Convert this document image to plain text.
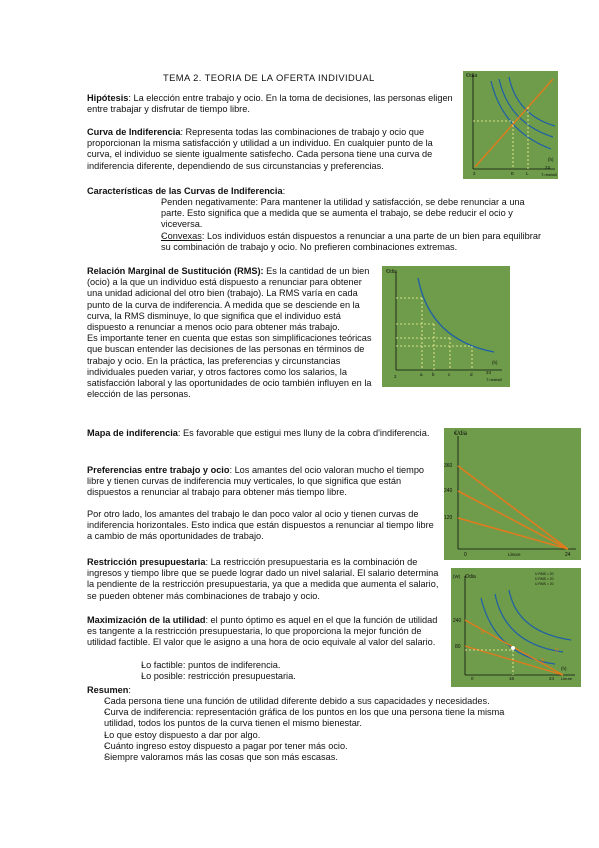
TEMA 2. TEORIA DE LA OFERTA INDIVIDUAL

Hipótesis: La elección entre trabajo y ocio. En la toma de decisiones, las personas eligen entre trabajar y disfrutar de tiempo libre.

Curva de Indiferencia: Representa todas las combinaciones de trabajo y ocio que proporcionan la misma satisfacción y utilidad a un individuo. En cualquier punto de la curva, el individuo se siente igualmente satisfecho. Cada persona tiene una curva de indiferencia diferente, dependiendo de sus circunstancias y preferencias.

Características de las Curvas de Indiferencia:

- Penden negativamente: Para mantener la utilidad y satisfacción, se debe renunciar a una parte. Esto significa que a medida que se aumenta el trabajo, se debe reducir el ocio y viceversa.
- Convexas: Los individuos están dispuestos a renunciar a una parte de un bien para equilibrar su combinación de trabajo y ocio. No prefieren combinaciones extremas.

Relación Marginal de Sustitución (RMS): Es la cantidad de un bien (ocio) a la que un individuo está dispuesto a renunciar para obtener una unidad adicional del otro bien (trabajo). La RMS varía en cada punto de la curva de indiferencia. A medida que se desciende en la curva, la RMS disminuye, lo que significa que el individuo está dispuesto a renunciar a menos ocio para obtener más trabajo.
Es importante tener en cuenta que estas son simplificaciones teóricas que buscan entender las decisiones de las personas en términos de trabajo y ocio. En la práctica, las preferencias y circunstancias individuales pueden variar, y otros factores como los salarios, la satisfacción laboral y las oportunidades de ocio también influyen en la elección de las personas.

Mapa de indiferencia: Es favorable que estigui mes lluny de la cobra d'indiferencia.

Preferencias entre trabajo y ocio: Los amantes del ocio valoran mucho el tiempo libre y tienen curvas de indiferencia muy verticales, lo que significa que están dispuestos a renunciar al trabajo para obtener más tiempo libre.

Por otro lado, los amantes del trabajo le dan poco valor al ocio y tienen curvas de indiferencia horizontales. Esto indica que están dispuestos a renunciar al tiempo libre a cambio de más oportunidades de trabajo.

Restricción presupuestaria: La restricción presupuestaria es la combinación de ingresos y tiempo libre que se puede lograr dado un nivel salarial. El salario determina la pendiente de la restricción presupuestaria, ya que a medida que aumenta el salario, se pueden obtener más combinaciones de trabajo y ocio.

Maximización de la utilidad: el punto óptimo es aquel en el que la función de utilidad es tangente a la restricción presupuestaria, lo que proporciona la mejor función de utilidad factible. El valor que le asigno a una hora de ocio equivale al valor del salario.

- Lo factible: puntos de indiferencia.
- Lo posible: restricción presupuestaria.

Resumen:

- Cada persona tiene una función de utilidad diferente debido a sus capacidades y necesidades.
- Curva de indiferencia: representación gráfica de los puntos en los que una persona tiene la misma utilidad, todos los puntos de la curva tienen el mismo bienestar.
- Lo que estoy dispuesto a dar por algo.
- Cuánto ingreso estoy dispuesto a pagar por tener más ocio.
- Siempre valoramos más las cosas que son más escasas.
€/día
(h)
2	E	L
24
T=traball
€/dia
(h)
2	a b	c	d	24
T=traball
€/dia
360
240
120
0	Lleure	24
(W) €/dia
240
80
0	16	24 Lleure
(h)
B
A
D
U RMS = 20
U RMS = 20
U RMS = 20
